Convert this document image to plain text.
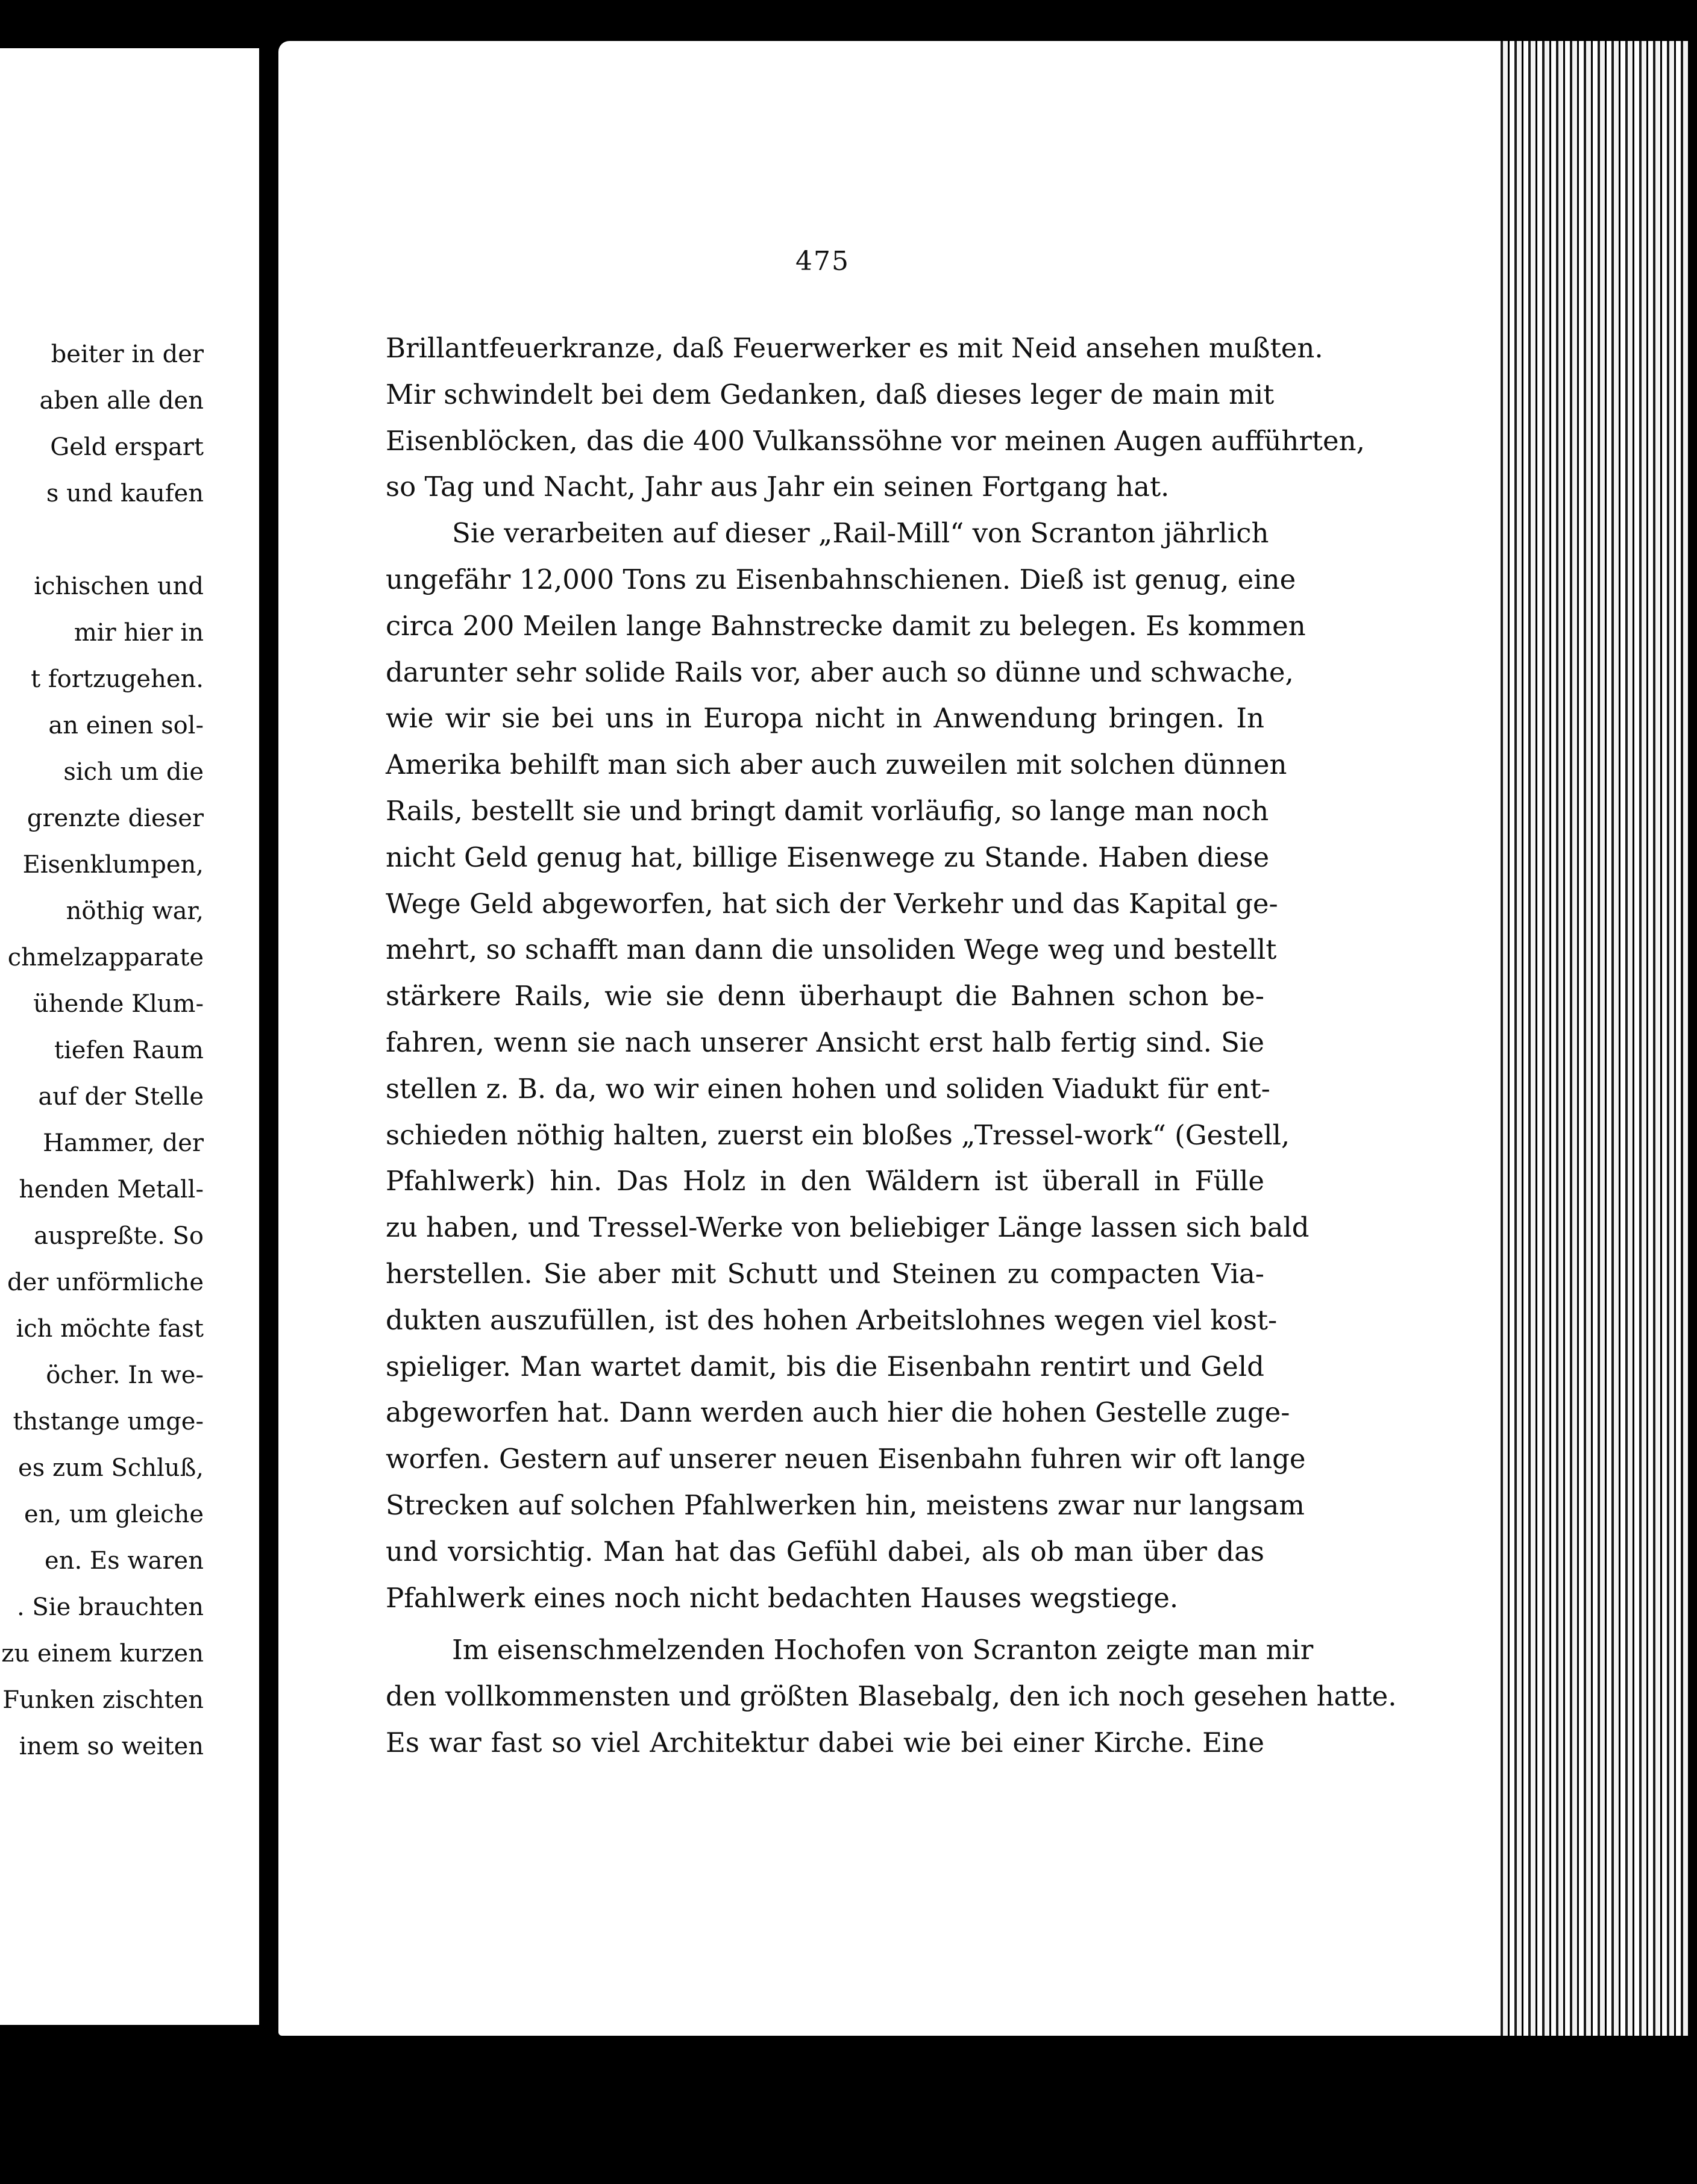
beiter in der
aben alle den
Geld erspart
s und kaufen

ichischen und
mir hier in
t fortzugehen.
an einen sol-
sich um die
grenzte dieser
Eisenklumpen,
nöthig war,
chmelzapparate
ühende Klum-
tiefen Raum
auf der Stelle
Hammer, der
henden Metall-
auspreßte. So
der unförmliche
ich möchte fast
öcher. In we-
thstange umge-
es zum Schluß,
en, um gleiche
en. Es waren
. Sie brauchten
zu einem kurzen
Funken zischten
inem so weiten
475
Brillantfeuerkranze, daß Feuerwerker es mit Neid ansehen mußten.
Mir schwindelt bei dem Gedanken, daß dieses leger de main mit
Eisenblöcken, das die 400 Vulkanssöhne vor meinen Augen aufführten,
so Tag und Nacht, Jahr aus Jahr ein seinen Fortgang hat.
Sie verarbeiten auf dieser „Rail-Mill“ von Scranton jährlich
ungefähr 12,000 Tons zu Eisenbahnschienen. Dieß ist genug, eine
circa 200 Meilen lange Bahnstrecke damit zu belegen. Es kommen
darunter sehr solide Rails vor, aber auch so dünne und schwache,
wie wir sie bei uns in Europa nicht in Anwendung bringen. In
Amerika behilft man sich aber auch zuweilen mit solchen dünnen
Rails, bestellt sie und bringt damit vorläufig, so lange man noch
nicht Geld genug hat, billige Eisenwege zu Stande. Haben diese
Wege Geld abgeworfen, hat sich der Verkehr und das Kapital ge-
mehrt, so schafft man dann die unsoliden Wege weg und bestellt
stärkere Rails, wie sie denn überhaupt die Bahnen schon be-
fahren, wenn sie nach unserer Ansicht erst halb fertig sind. Sie
stellen z. B. da, wo wir einen hohen und soliden Viadukt für ent-
schieden nöthig halten, zuerst ein bloßes „Tressel-work“ (Gestell,
Pfahlwerk) hin. Das Holz in den Wäldern ist überall in Fülle
zu haben, und Tressel-Werke von beliebiger Länge lassen sich bald
herstellen. Sie aber mit Schutt und Steinen zu compacten Via-
dukten auszufüllen, ist des hohen Arbeitslohnes wegen viel kost-
spieliger. Man wartet damit, bis die Eisenbahn rentirt und Geld
abgeworfen hat. Dann werden auch hier die hohen Gestelle zuge-
worfen. Gestern auf unserer neuen Eisenbahn fuhren wir oft lange
Strecken auf solchen Pfahlwerken hin, meistens zwar nur langsam
und vorsichtig. Man hat das Gefühl dabei, als ob man über das
Pfahlwerk eines noch nicht bedachten Hauses wegstiege.
Im eisenschmelzenden Hochofen von Scranton zeigte man mir
den vollkommensten und größten Blasebalg, den ich noch gesehen hatte.
Es war fast so viel Architektur dabei wie bei einer Kirche. Eine
